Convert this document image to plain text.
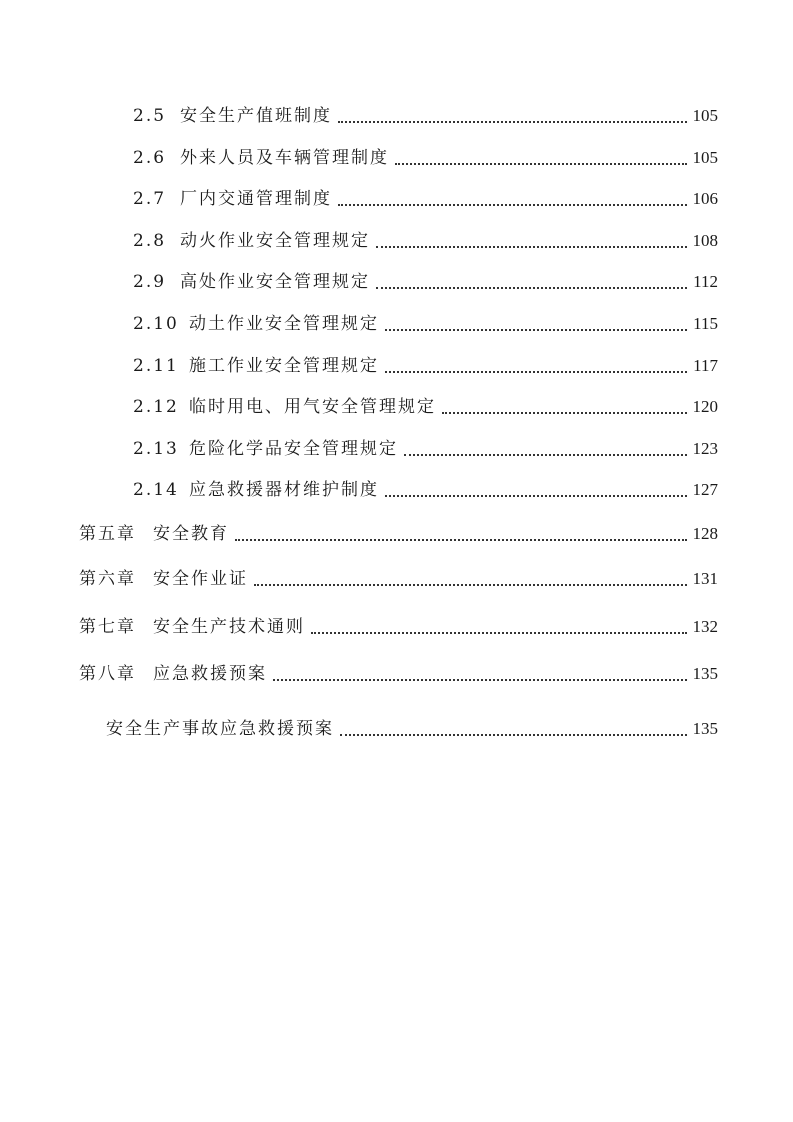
2.5 安全生产值班制度	105
2.6 外来人员及车辆管理制度	105
2.7 厂内交通管理制度	106
2.8 动火作业安全管理规定	108
2.9 高处作业安全管理规定	112
2.10 动土作业安全管理规定	115
2.11 施工作业安全管理规定	117
2.12 临时用电、用气安全管理规定	120
2.13 危险化学品安全管理规定	123
2.14 应急救援器材维护制度	127
第五章	安全教育	128
第六章	安全作业证	131
第七章	安全生产技术通则	132
第八章	应急救援预案	135
安全生产事故应急救援预案	135
